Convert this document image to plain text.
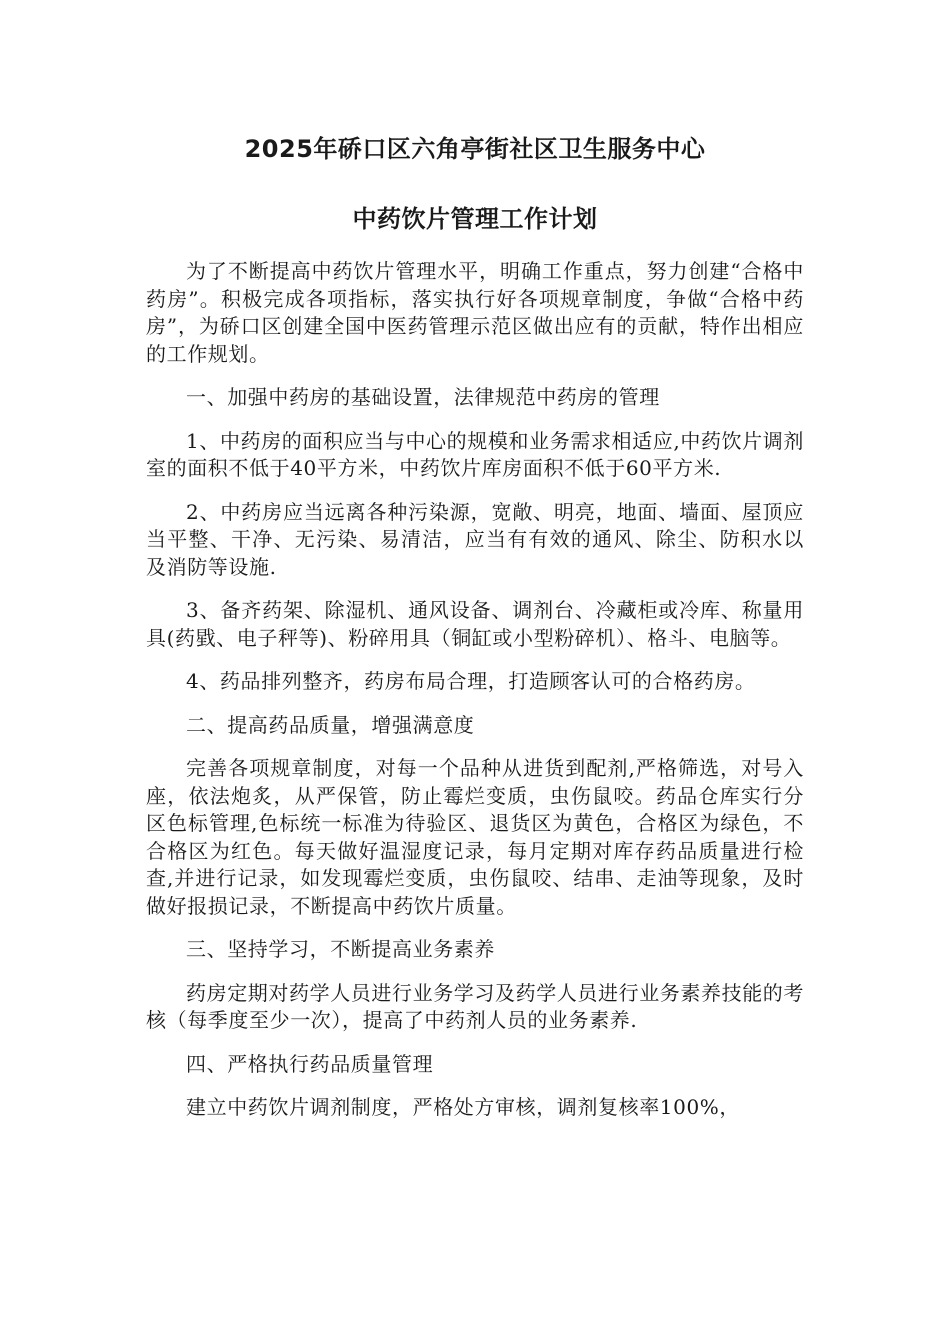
2025年硚口区六角亭街社区卫生服务中心
中药饮片管理工作计划

为了不断提高中药饮片管理水平，明确工作重点，努力创建“合格中药房”。积极完成各项指标，落实执行好各项规章制度，争做“合格中药房”，为硚口区创建全国中医药管理示范区做出应有的贡献，特作出相应的工作规划。

一、加强中药房的基础设置，法律规范中药房的管理

1、中药房的面积应当与中心的规模和业务需求相适应,中药饮片调剂室的面积不低于40平方米，中药饮片库房面积不低于60平方米.

2、中药房应当远离各种污染源，宽敞、明亮，地面、墙面、屋顶应当平整、干净、无污染、易清洁，应当有有效的通风、除尘、防积水以及消防等设施.

3、备齐药架、除湿机、通风设备、调剂台、冷藏柜或冷库、称量用具(药戥、电子秤等)、粉碎用具（铜缸或小型粉碎机）、格斗、电脑等。

4、药品排列整齐，药房布局合理，打造顾客认可的合格药房。

二、提高药品质量，增强满意度

完善各项规章制度，对每一个品种从进货到配剂,严格筛选，对号入座，依法炮炙，从严保管，防止霉烂变质，虫伤鼠咬。药品仓库实行分区色标管理,色标统一标准为待验区、退货区为黄色，合格区为绿色，不合格区为红色。每天做好温湿度记录，每月定期对库存药品质量进行检查,并进行记录，如发现霉烂变质，虫伤鼠咬、结串、走油等现象，及时做好报损记录，不断提高中药饮片质量。

三、坚持学习，不断提高业务素养

药房定期对药学人员进行业务学习及药学人员进行业务素养技能的考核（每季度至少一次），提高了中药剂人员的业务素养.

四、严格执行药品质量管理

建立中药饮片调剂制度，严格处方审核，调剂复核率100%，
